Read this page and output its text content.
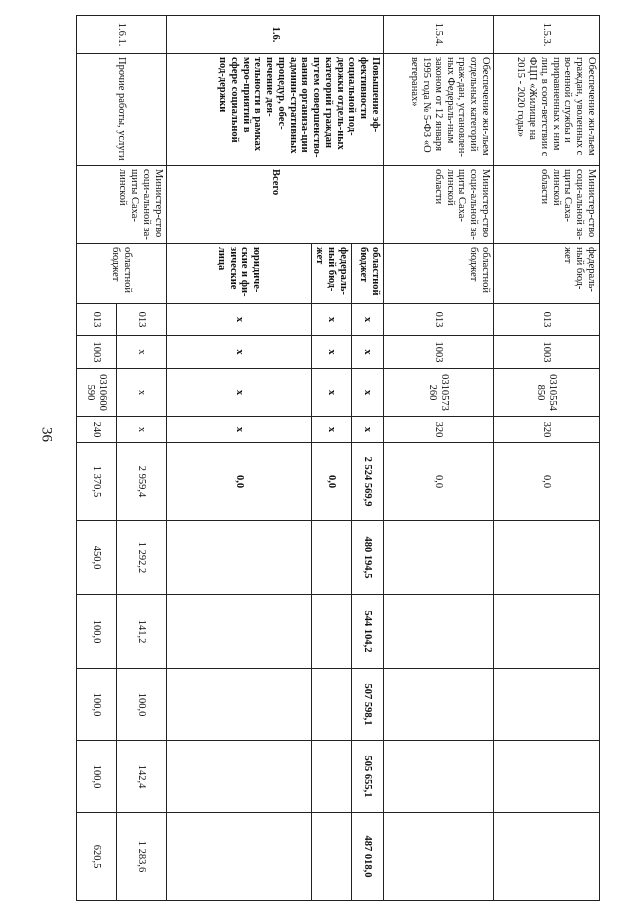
36
1.5.3.	Обеспечение жи-льем граждан, уволенных с во-енной службы и приравненных к ним лиц, в соот-ветствии с ФЦП «Жилище на 2015 - 2020 годы»	Министер-ство соци-альной за-щиты Саха-линской области	федераль-ный бюд-жет	013	1003	0310554 850	320	0,0					
1.5.4.	Обеспечение жи-льем отдельных категорий граж-дан, установлен-ных Федераль-ным законом от 12 января 1995 года № 5-ФЗ «О ветеранах»	Министер-ство соци-альной за-щиты Саха-линской области	областной бюджет	013	1003	0310573 260	320	0,0					
1.6.	Повышение эф-фективности социальной под-держки отдель-ных категорий граждан путем совершенство-вания организа-ции админи-стративных процедур, обес-печение дея-тельности в рамках меро-приятий в сфере социальной под-держки	Всего	областной бюджет	х	х	х	х	2 524 569,9	480 194,5	544 104,2	507 598,1	505 655,1	487 018,0
			федераль-ный бюд-жет	х	х	х	х	0,0					
			юридиче-ские и фи-зические лица	х	х	х	х	0,0					
1.6.1.	Прочие работы, услуги	Министер-ство соци-альной за-щиты Саха-линской	областной бюджет	013	х	х	х	2 959,4	1 292,2	141,2	100,0	142,4	1 283,6
				013	1003	0310600 590	240	1 370,5	450,0	100,0	100,0	100,0	620,5
